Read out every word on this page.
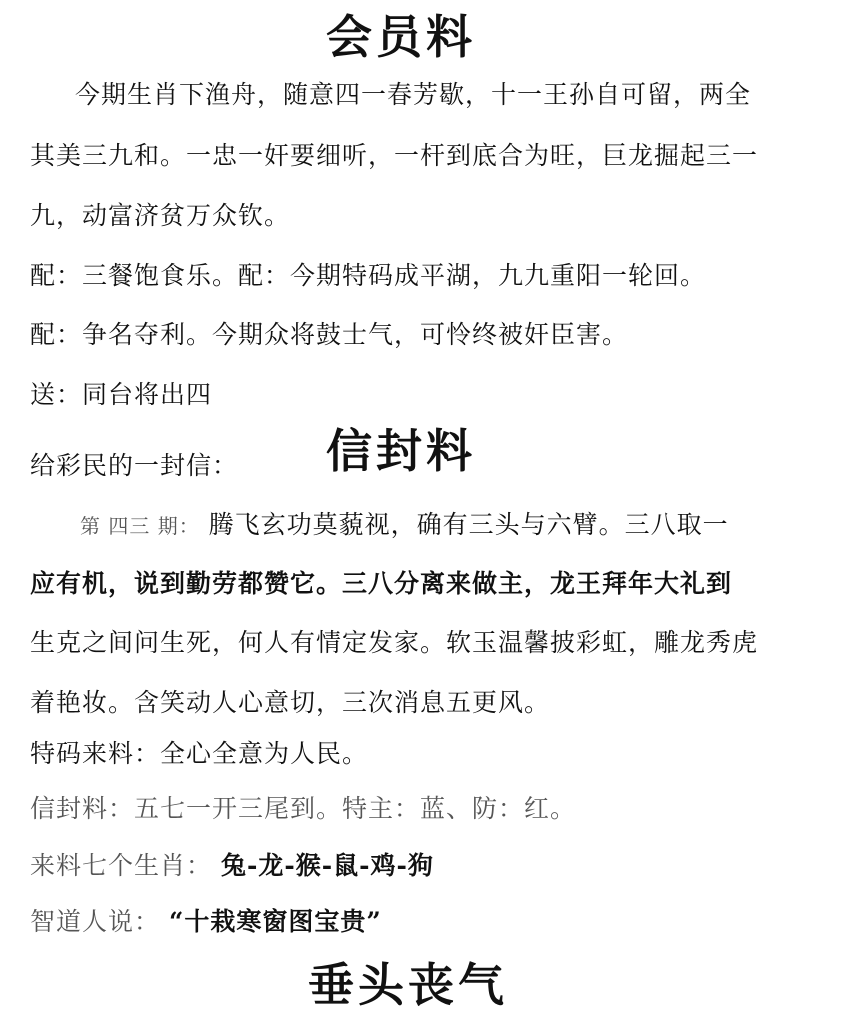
会员料
今期生肖下渔舟，随意四一春芳歇，十一王孙自可留，两全
其美三九和。一忠一奸要细听，一杆到底合为旺，巨龙掘起三一
九，动富济贫万众钦。
配：三餐饱食乐。配：今期特码成平湖，九九重阳一轮回。
配：争名夺利。今期众将鼓士气，可怜终被奸臣害。
送：同台将出四
给彩民的一封信： 信封料
第 四三 期： 腾飞玄功莫藐视，确有三头与六臂。三八取一
应有机，说到勤劳都赞它。三八分离来做主，龙王拜年大礼到
生克之间问生死，何人有情定发家。软玉温馨披彩虹，雕龙秀虎
着艳妆。含笑动人心意切，三次消息五更风。
特码来料：全心全意为人民。
信封料：五七一开三尾到。特主：蓝、防：红。
来料七个生肖： 兔-龙-猴-鼠-鸡-狗
智道人说： “十栽寒窗图宝贵”
垂头丧气
